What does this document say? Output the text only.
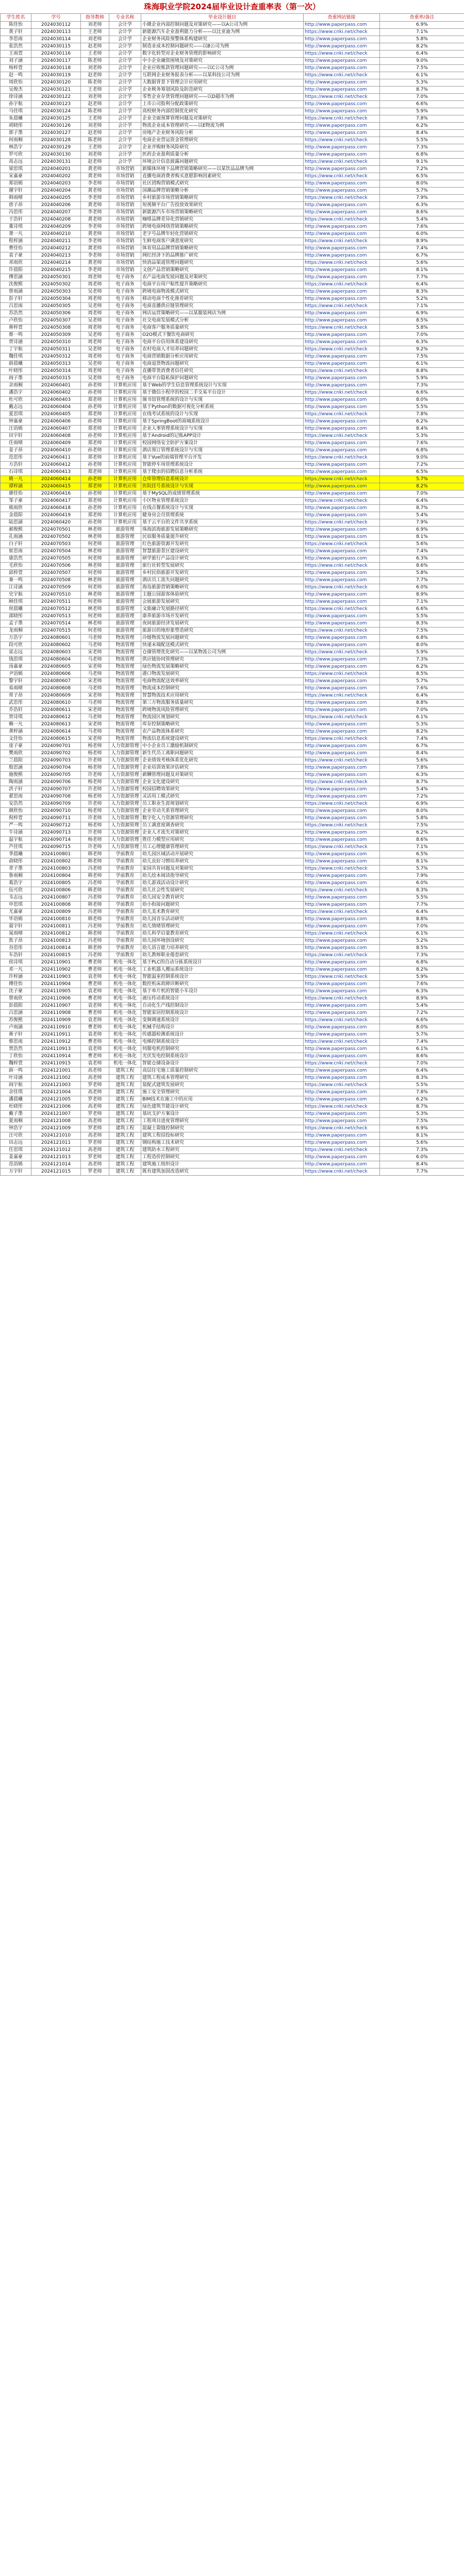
珠海职业学院2024届毕业设计查重率表（第一次）
学生姓名	学号	指导教师	专业名称	毕业设计题目	查重网站链接	查重率/备注
陈佳怡	2024030112	刘老师	会计学	小微企业内部控制问题及对策研究——以A公司为例	http://www.paperpass.com	6.9%
黄子轩	2024030113	王老师	会计学	新能源汽车企业盈利能力分析——以比亚迪为例	https://www.cnki.net/check	7.1%
李思雨	2024030114	刘老师	会计学	企业财务风险预警体系构建研究	http://www.paperpass.com	5.8%
张浩然	2024030115	赵老师	会计学	制造业成本控制问题研究——以B公司为例	http://www.paperpass.com	8.2%
王雨萱	2024030116	王老师	会计学	数字化转型对企业财务管理的影响研究	https://www.cnki.net/check	6.4%
刘子涵	2024030117	陈老师	会计学	中小企业融资困境及对策研究	http://www.paperpass.com	9.0%
杨梓萱	2024030118	刘老师	会计学	企业应收账款管理问题研究——以C公司为例	http://www.paperpass.com	7.5%
赵一鸣	2024030119	赵老师	会计学	互联网企业财务报表分析——以某科技公司为例	https://www.cnki.net/check	6.1%
周欣怡	2024030120	陈老师	会计学	大数据背景下管理会计应用研究	http://www.paperpass.com	5.3%
吴俊杰	2024030121	王老师	会计学	企业税务筹划风险及防范研究	http://www.paperpass.com	8.7%
徐诗涵	2024030122	刘老师	会计学	零售企业存货管理问题研究——以D超市为例	https://www.cnki.net/check	7.0%
孙宇航	2024030123	赵老师	会计学	上市公司股利分配政策研究	http://www.paperpass.com	6.6%
马佳琪	2024030124	陈老师	会计学	高校财务内部控制优化研究	http://www.paperpass.com	5.9%
朱晨曦	2024030125	王老师	会计学	企业全面预算管理问题及对策研究	https://www.cnki.net/check	7.8%
胡晓彤	2024030126	刘老师	会计学	物流企业成本管理研究——以E物流为例	http://www.paperpass.com	6.2%
郭子墨	2024030127	赵老师	会计学	房地产企业财务风险分析	http://www.paperpass.com	8.4%
何雨桐	2024030128	陈老师	会计学	电商企业营运资金管理研究	https://www.cnki.net/check	5.5%
林浩宇	2024030129	王老师	会计学	企业并购财务风险研究	http://www.paperpass.com	7.3%
罗可欣	2024030130	刘老师	会计学	医药企业盈利质量分析	http://www.paperpass.com	6.8%
高志远	2024030131	赵老师	会计学	环境会计信息披露问题研究	https://www.cnki.net/check	9.1%
梁思琪	2024040201	黄老师	市场营销	新媒体环境下品牌营销策略研究——以某饮品品牌为例	http://www.paperpass.com	7.2%
宋嘉豪	2024040202	黄老师	市场营销	直播电商消费者购买意愿影响因素研究	https://www.cnki.net/check	6.5%
郑语嫣	2024040203	李老师	市场营销	社区团购营销模式研究	http://www.paperpass.com	8.0%
谢宇轩	2024040204	黄老师	市场营销	国潮品牌营销策略分析	http://www.paperpass.com	5.7%
韩雨晴	2024040205	李老师	市场营销	乡村旅游市场营销策略研究	https://www.cnki.net/check	7.9%
唐子昂	2024040206	黄老师	市场营销	短视频平台广告投放效果研究	http://www.paperpass.com	6.3%
冯思彤	2024040207	李老师	市场营销	新能源汽车市场营销策略研究	http://www.paperpass.com	8.6%
于浩轩	2024040208	黄老师	市场营销	咖啡品牌差异化营销研究	https://www.cnki.net/check	5.4%
董诗琪	2024040209	李老师	市场营销	跨境电商网络营销策略研究	http://www.paperpass.com	7.6%
萧一凡	2024040210	黄老师	市场营销	老字号品牌年轻化营销研究	http://www.paperpass.com	6.0%
程梓涵	2024040211	李老师	市场营销	生鲜电商客户满意度研究	https://www.cnki.net/check	8.9%
曹佳怡	2024040212	黄老师	市场营销	体育用品品牌营销策略研究	http://www.paperpass.com	7.4%
袁子豪	2024040213	李老师	市场营销	网红经济下的品牌推广研究	http://www.paperpass.com	6.7%
邓雨欣	2024040214	黄老师	市场营销	快消品渠道管理问题研究	https://www.cnki.net/check	5.6%
许晨阳	2024040215	李老师	市场营销	文创产品营销策略研究	http://www.paperpass.com	8.1%
傅思涵	2024050301	周老师	电子商务	农产品电商发展问题及对策研究	http://www.paperpass.com	7.7%
沈俊熙	2024050302	周老师	电子商务	电商平台用户粘性提升策略研究	https://www.cnki.net/check	6.4%
曾雨涵	2024050303	吴老师	电子商务	跨境电商物流模式研究	http://www.paperpass.com	8.3%
彭子轩	2024050304	周老师	电子商务	移动电商个性化推荐研究	http://www.paperpass.com	5.2%
吕思雨	2024050305	吴老师	电子商务	电商直播供应链管理研究	https://www.cnki.net/check	7.1%
苏浩然	2024050306	周老师	电子商务	网店运营策略研究——以某服装网店为例	http://www.paperpass.com	6.9%
卢欣怡	2024050307	吴老师	电子商务	社交电商发展模式分析	http://www.paperpass.com	8.5%
蒋梓萱	2024050308	周老师	电子商务	电商客户服务质量研究	https://www.cnki.net/check	5.8%
蔡一鸣	2024050309	吴老师	电子商务	O2O模式下餐饮电商研究	http://www.paperpass.com	7.0%
贾诗涵	2024050310	周老师	电子商务	电商平台信用体系建设研究	http://www.paperpass.com	6.3%
丁宇航	2024050311	吴老师	电子商务	农村电商人才培养问题研究	https://www.cnki.net/check	9.2%
魏佳琪	2024050312	周老师	电子商务	电商营销数据分析应用研究	http://www.paperpass.com	7.5%
薛晨曦	2024050313	吴老师	电子商务	电商退货物流问题研究	http://www.paperpass.com	6.1%
叶晓彤	2024050314	周老师	电子商务	直播带货消费者信任研究	https://www.cnki.net/check	8.8%
阎子墨	2024050315	吴老师	电子商务	电商平台隐私保护问题研究	http://www.paperpass.com	5.9%
余雨桐	2024060401	孙老师	计算机应用	基于Web的学生信息管理系统设计与实现	http://www.paperpass.com	7.3%
潘浩宇	2024060402	孙老师	计算机应用	基于微信小程序的校园二手交易平台设计	https://www.cnki.net/check	6.6%
杜可欣	2024060403	郑老师	计算机应用	图书馆管理系统的设计与实现	http://www.paperpass.com	8.0%
戴志远	2024060404	孙老师	计算机应用	基于Python的数据可视化分析系统	http://www.paperpass.com	5.5%
夏思琪	2024060405	郑老师	计算机应用	在线考试系统的设计与实现	https://www.cnki.net/check	7.8%
钟嘉豪	2024060406	孙老师	计算机应用	基于SpringBoot的商城系统设计	http://www.paperpass.com	6.2%
汪语嫣	2024060407	郑老师	计算机应用	企业人事管理系统设计与实现	http://www.paperpass.com	8.4%
田宇轩	2024060408	孙老师	计算机应用	基于Android的记账APP设计	https://www.cnki.net/check	5.3%
任雨晴	2024060409	郑老师	计算机应用	校园网络安全防护方案设计	http://www.paperpass.com	7.6%
姜子昂	2024060410	孙老师	计算机应用	酒店预订管理系统设计与实现	http://www.paperpass.com	6.8%
范思彤	2024060411	郑老师	计算机应用	基于Vue的前端管理平台开发	https://www.cnki.net/check	9.0%
方浩轩	2024060412	孙老师	计算机应用	智能停车场管理系统设计	http://www.paperpass.com	7.2%
石诗琪	2024060413	郑老师	计算机应用	基于爬虫的招聘信息分析系统	http://www.paperpass.com	6.5%
姚一凡	2024060414	孙老师	计算机应用	仓库管理信息系统设计	https://www.cnki.net/check	5.7%
谭梓涵	2024060415	郑老师	计算机应用	医院挂号系统设计与实现	http://www.paperpass.com	8.2%
廖佳怡	2024060416	孙老师	计算机应用	基于MySQL的成绩管理系统	http://www.paperpass.com	7.0%
邹子豪	2024060417	郑老师	计算机应用	小区物业管理系统设计	https://www.cnki.net/check	6.4%
熊雨欣	2024060418	孙老师	计算机应用	在线点餐系统设计与实现	http://www.paperpass.com	8.7%
金晨阳	2024060419	郑老师	计算机应用	健身房会员管理系统	http://www.paperpass.com	5.4%
陆思涵	2024060420	孙老师	计算机应用	基于云平台的文件共享系统	https://www.cnki.net/check	7.9%
郝俊熙	2024070501	林老师	旅游管理	珠海滨海旅游发展策略研究	http://www.paperpass.com	6.9%
孔雨涵	2024070502	林老师	旅游管理	民宿服务质量提升研究	http://www.paperpass.com	8.1%
白子轩	2024070503	何老师	旅游管理	红色旅游资源开发研究	https://www.cnki.net/check	5.6%
崔思雨	2024070504	林老师	旅游管理	智慧旅游景区建设研究	http://www.paperpass.com	7.4%
康浩然	2024070505	何老师	旅游管理	研学旅行产品设计研究	http://www.paperpass.com	6.3%
毛欣怡	2024070506	林老师	旅游管理	旅行社转型发展研究	https://www.cnki.net/check	8.6%
邱梓萱	2024070507	何老师	旅游管理	乡村民俗旅游开发研究	http://www.paperpass.com	5.8%
秦一鸣	2024070508	林老师	旅游管理	酒店员工流失问题研究	http://www.paperpass.com	7.7%
江诗涵	2024070509	何老师	旅游管理	海岛旅游营销策略研究	https://www.cnki.net/check	6.0%
史宇航	2024070510	林老师	旅游管理	主题公园游客体验研究	http://www.paperpass.com	8.9%
顾佳琪	2024070511	何老师	旅游管理	会展旅游发展研究	http://www.paperpass.com	7.1%
侯晨曦	2024070512	林老师	旅游管理	文旅融合发展路径研究	https://www.cnki.net/check	6.6%
邵晓彤	2024070513	何老师	旅游管理	康养旅游市场开发研究	http://www.paperpass.com	5.5%
孟子墨	2024070514	林老师	旅游管理	夜间旅游经济发展研究	http://www.paperpass.com	8.3%
龙雨桐	2024070515	何老师	旅游管理	旅游目的地形象塑造研究	https://www.cnki.net/check	7.5%
万浩宇	2024080601	马老师	物流管理	冷链物流发展问题研究	http://www.paperpass.com	6.8%
段可欣	2024080602	马老师	物流管理	快递末端配送模式研究	http://www.paperpass.com	8.0%
雷志远	2024080603	宋老师	物流管理	仓储管理优化研究——以某物流公司为例	https://www.cnki.net/check	5.9%
钱思琪	2024080604	马老师	物流管理	供应链协同管理研究	http://www.paperpass.com	7.3%
汤嘉豪	2024080605	宋老师	物流管理	绿色物流发展策略研究	http://www.paperpass.com	6.2%
尹语嫣	2024080606	马老师	物流管理	港口物流发展研究	https://www.cnki.net/check	8.5%
黎宇轩	2024080607	宋老师	物流管理	电商物流配送效率研究	http://www.paperpass.com	5.7%
易雨晴	2024080608	马老师	物流管理	物流成本控制研究	http://www.paperpass.com	7.6%
常子昂	2024080609	宋老师	物流管理	智慧物流技术应用研究	https://www.cnki.net/check	6.4%
武思彤	2024080610	马老师	物流管理	第三方物流服务质量研究	http://www.paperpass.com	8.8%
乔浩轩	2024080611	宋老师	物流管理	跨境物流风险管理研究	http://www.paperpass.com	7.0%
贺诗琪	2024080612	马老师	物流管理	物流园区规划研究	https://www.cnki.net/check	6.1%
赖一凡	2024080613	宋老师	物流管理	库存控制策略研究	http://www.paperpass.com	5.3%
龚梓涵	2024080614	马老师	物流管理	农产品物流体系研究	http://www.paperpass.com	8.2%
文佳怡	2024080615	宋老师	物流管理	物流信息系统建设研究	https://www.cnki.net/check	7.4%
庞子豪	2024090701	杨老师	人力资源管理	中小企业员工激励机制研究	http://www.paperpass.com	6.7%
樊雨欣	2024090702	杨老师	人力资源管理	新生代员工离职问题研究	http://www.paperpass.com	8.4%
兰晨阳	2024090703	许老师	人力资源管理	企业绩效考核体系优化研究	https://www.cnki.net/check	5.6%
殷思涵	2024090704	杨老师	人力资源管理	企业培训效果评估研究	http://www.paperpass.com	7.8%
施俊熙	2024090705	许老师	人力资源管理	薪酬管理问题及对策研究	http://www.paperpass.com	6.3%
陶雨涵	2024090706	杨老师	人力资源管理	企业文化建设研究	https://www.cnki.net/check	8.7%
洪子轩	2024090707	许老师	人力资源管理	校园招聘效果研究	http://www.paperpass.com	5.4%
翟思雨	2024090708	杨老师	人力资源管理	灵活用工模式研究	http://www.paperpass.com	7.2%
安浩然	2024090709	许老师	人力资源管理	员工职业生涯规划研究	https://www.cnki.net/check	6.9%
颜欣怡	2024090710	杨老师	人力资源管理	企业劳动关系管理研究	http://www.paperpass.com	8.0%
倪梓萱	2024090711	许老师	人力资源管理	数字化人力资源管理研究	http://www.paperpass.com	5.8%
严一鸣	2024090712	杨老师	人力资源管理	员工满意度调查研究	https://www.cnki.net/check	7.5%
牛诗涵	2024090713	许老师	人力资源管理	企业人才流失对策研究	http://www.paperpass.com	6.2%
温宇航	2024090714	杨老师	人力资源管理	胜任力模型应用研究	http://www.paperpass.com	8.6%
芦佳琪	2024090715	许老师	人力资源管理	员工心理健康管理研究	https://www.cnki.net/check	7.1%
季晨曦	2024100801	韩老师	学前教育	幼儿园区域活动开展研究	http://www.paperpass.com	6.5%
俞晓彤	2024100802	韩老师	学前教育	幼儿良好习惯培养研究	http://www.paperpass.com	8.1%
章子墨	2024100803	冯老师	学前教育	家园共育问题及对策研究	https://www.cnki.net/check	5.7%
鲁雨桐	2024100804	韩老师	学前教育	幼儿绘本阅读指导研究	http://www.paperpass.com	7.9%
葛浩宇	2024100805	冯老师	学前教育	幼儿游戏活动设计研究	http://www.paperpass.com	6.0%
伍可欣	2024100806	韩老师	学前教育	幼儿社会性发展研究	https://www.cnki.net/check	8.3%
韦志远	2024100807	冯老师	学前教育	幼儿园安全教育研究	http://www.paperpass.com	5.5%
申思琪	2024100808	韩老师	学前教育	幼小衔接问题研究	http://www.paperpass.com	7.7%
尤嘉豪	2024100809	冯老师	学前教育	幼儿美术教育研究	https://www.cnki.net/check	6.4%
毕语嫣	2024100810	韩老师	学前教育	幼儿园音乐活动研究	http://www.paperpass.com	8.8%
聂宇轩	2024100811	冯老师	学前教育	幼儿情绪管理研究	http://www.paperpass.com	7.0%
晁雨晴	2024100812	韩老师	学前教育	幼儿科学启蒙教育研究	https://www.cnki.net/check	6.1%
焦子昂	2024100813	冯老师	学前教育	幼儿园环境创设研究	http://www.paperpass.com	5.2%
谷思彤	2024100814	韩老师	学前教育	幼儿语言能力培养研究	http://www.paperpass.com	8.5%
车浩轩	2024100815	冯老师	学前教育	幼儿教师职业倦怠研究	https://www.cnki.net/check	7.3%
侯诗琪	2024110901	曹老师	机电一体化	基于PLC的自动分拣系统设计	http://www.paperpass.com	6.8%
邓一凡	2024110902	曹老师	机电一体化	工业机器人搬运系统设计	http://www.paperpass.com	8.2%
许梓涵	2024110903	袁老师	机电一体化	智能温室控制系统设计	https://www.cnki.net/check	5.9%
傅佳怡	2024110904	曹老师	机电一体化	数控机床故障诊断研究	http://www.paperpass.com	7.6%
沈子豪	2024110905	袁老师	机电一体化	基于单片机的智能小车设计	http://www.paperpass.com	6.3%
曾雨欣	2024110906	曹老师	机电一体化	液压传动系统设计	https://www.cnki.net/check	8.9%
彭晨阳	2024110907	袁老师	机电一体化	自动化生产线控制设计	http://www.paperpass.com	5.4%
吕思涵	2024110908	曹老师	机电一体化	智能家居控制系统设计	http://www.paperpass.com	7.2%
苏俊熙	2024110909	袁老师	机电一体化	变频调速系统设计	https://www.cnki.net/check	6.6%
卢雨涵	2024110910	曹老师	机电一体化	机械手结构设计	http://www.paperpass.com	8.0%
蒋子轩	2024110911	袁老师	机电一体化	传感器检测系统设计	http://www.paperpass.com	5.7%
蔡思雨	2024110912	曹老师	机电一体化	电梯控制系统设计	https://www.cnki.net/check	7.4%
贾浩然	2024110913	袁老师	机电一体化	伺服电机控制研究	http://www.paperpass.com	6.1%
丁欣怡	2024110914	曹老师	机电一体化	光伏发电控制系统设计	http://www.paperpass.com	8.6%
魏梓萱	2024110915	袁老师	机电一体化	智能仓储设备设计	https://www.cnki.net/check	7.0%
薛一鸣	2024121001	高老师	建筑工程	高层住宅施工质量控制研究	http://www.paperpass.com	6.4%
叶诗涵	2024121002	高老师	建筑工程	建筑工程成本管理研究	http://www.paperpass.com	8.3%
阎宇航	2024121003	罗老师	建筑工程	装配式建筑发展研究	https://www.cnki.net/check	5.5%
余佳琪	2024121004	高老师	建筑工程	施工安全管理研究	http://www.paperpass.com	7.8%
潘晨曦	2024121005	罗老师	建筑工程	BIM技术在施工中的应用	http://www.paperpass.com	6.2%
杜晓彤	2024121006	高老师	建筑工程	绿色建筑节能设计研究	https://www.cnki.net/check	8.7%
戴子墨	2024121007	罗老师	建筑工程	基坑支护方案设计	http://www.paperpass.com	5.3%
夏雨桐	2024121008	高老师	建筑工程	工程项目进度管理研究	http://www.paperpass.com	7.5%
钟浩宇	2024121009	罗老师	建筑工程	混凝土裂缝控制研究	https://www.cnki.net/check	6.9%
汪可欣	2024121010	高老师	建筑工程	建筑工程招投标研究	http://www.paperpass.com	8.1%
田志远	2024121011	罗老师	建筑工程	钢结构施工技术研究	http://www.paperpass.com	5.6%
任思琪	2024121012	高老师	建筑工程	建筑防水工程研究	https://www.cnki.net/check	7.3%
姜嘉豪	2024121013	罗老师	建筑工程	工程造价控制研究	http://www.paperpass.com	6.0%
范语嫣	2024121014	高老师	建筑工程	建筑施工组织设计	http://www.paperpass.com	8.4%
方宇轩	2024121015	罗老师	建筑工程	既有建筑加固改造研究	https://www.cnki.net/check	7.7%
